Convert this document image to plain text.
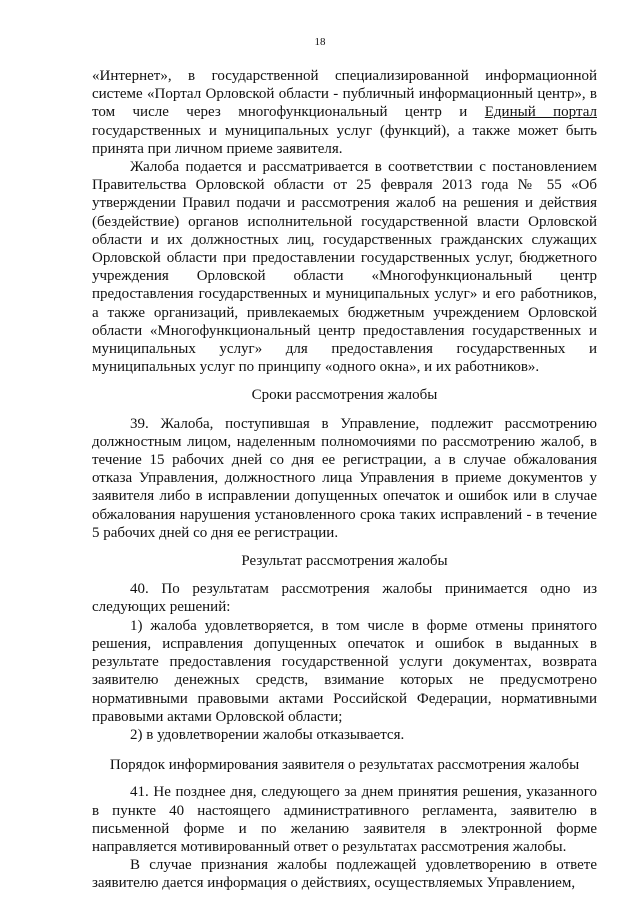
18

«Интернет», в государственной специализированной информационной системе «Портал Орловской области - публичный информационный центр», в том числе через многофункциональный центр и Единый портал государственных и муниципальных услуг (функций), а также может быть принята при личном приеме заявителя.

Жалоба подается и рассматривается в соответствии с постановлением Правительства Орловской области от 25 февраля 2013 года № 55 «Об утверждении Правил подачи и рассмотрения жалоб на решения и действия (бездействие) органов исполнительной государственной власти Орловской области и их должностных лиц, государственных гражданских служащих Орловской области при предоставлении государственных услуг, бюджетного учреждения Орловской области «Многофункциональный центр предоставления государственных и муниципальных услуг» и его работников, а также организаций, привлекаемых бюджетным учреждением Орловской области «Многофункциональный центр предоставления государственных и муниципальных услуг» для предоставления государственных и муниципальных услуг по принципу «одного окна», и их работников».

Сроки рассмотрения жалобы

39. Жалоба, поступившая в Управление, подлежит рассмотрению должностным лицом, наделенным полномочиями по рассмотрению жалоб, в течение 15 рабочих дней со дня ее регистрации, а в случае обжалования отказа Управления, должностного лица Управления в приеме документов у заявителя либо в исправлении допущенных опечаток и ошибок или в случае обжалования нарушения установленного срока таких исправлений - в течение 5 рабочих дней со дня ее регистрации.

Результат рассмотрения жалобы

40. По результатам рассмотрения жалобы принимается одно из следующих решений:

1) жалоба удовлетворяется, в том числе в форме отмены принятого решения, исправления допущенных опечаток и ошибок в выданных в результате предоставления государственной услуги документах, возврата заявителю денежных средств, взимание которых не предусмотрено нормативными правовыми актами Российской Федерации, нормативными правовыми актами Орловской области;

2) в удовлетворении жалобы отказывается.

Порядок информирования заявителя о результатах рассмотрения жалобы

41. Не позднее дня, следующего за днем принятия решения, указанного в пункте 40 настоящего административного регламента, заявителю в письменной форме и по желанию заявителя в электронной форме направляется мотивированный ответ о результатах рассмотрения жалобы.

В случае признания жалобы подлежащей удовлетворению в ответе заявителю дается информация о действиях, осуществляемых Управлением,
